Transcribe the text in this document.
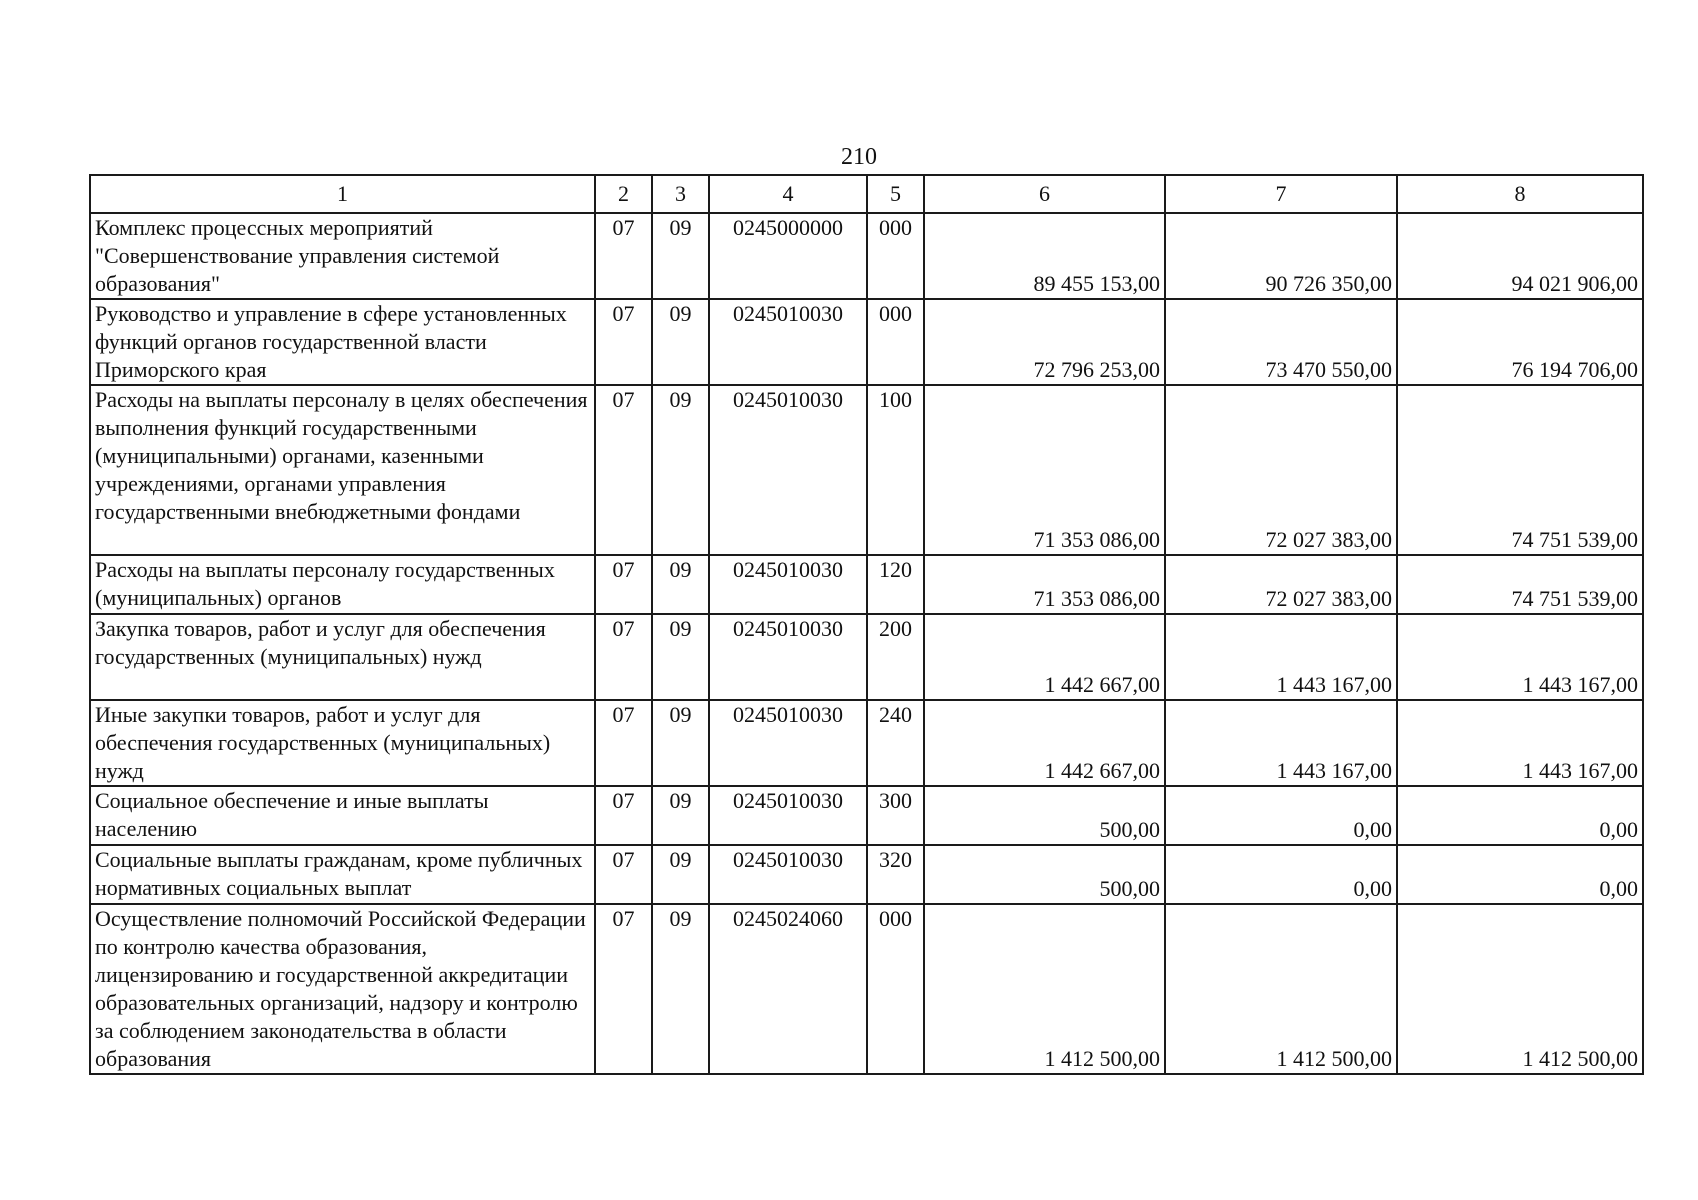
210
1	2	3	4	5	6	7	8
Комплекс процессных мероприятий "Совершенствование управления системой образования"	07	09	0245000000	000	89 455 153,00	90 726 350,00	94 021 906,00
Руководство и управление в сфере установленных функций органов государственной власти Приморского края	07	09	0245010030	000	72 796 253,00	73 470 550,00	76 194 706,00
Расходы на выплаты персоналу в целях обеспечения выполнения функций государственными (муниципальными) органами, казенными учреждениями, органами управления государственными внебюджетными фондами	07	09	0245010030	100	71 353 086,00	72 027 383,00	74 751 539,00
Расходы на выплаты персоналу государственных (муниципальных) органов	07	09	0245010030	120	71 353 086,00	72 027 383,00	74 751 539,00
Закупка товаров, работ и услуг для обеспечения государственных (муниципальных) нужд	07	09	0245010030	200	1 442 667,00	1 443 167,00	1 443 167,00
Иные закупки товаров, работ и услуг для обеспечения государственных (муниципальных) нужд	07	09	0245010030	240	1 442 667,00	1 443 167,00	1 443 167,00
Социальное обеспечение и иные выплаты населению	07	09	0245010030	300	500,00	0,00	0,00
Социальные выплаты гражданам, кроме публичных нормативных социальных выплат	07	09	0245010030	320	500,00	0,00	0,00
Осуществление полномочий Российской Федерации по контролю качества образования, лицензированию и государственной аккредитации образовательных организаций, надзору и контролю за соблюдением законодательства в области образования	07	09	0245024060	000	1 412 500,00	1 412 500,00	1 412 500,00
